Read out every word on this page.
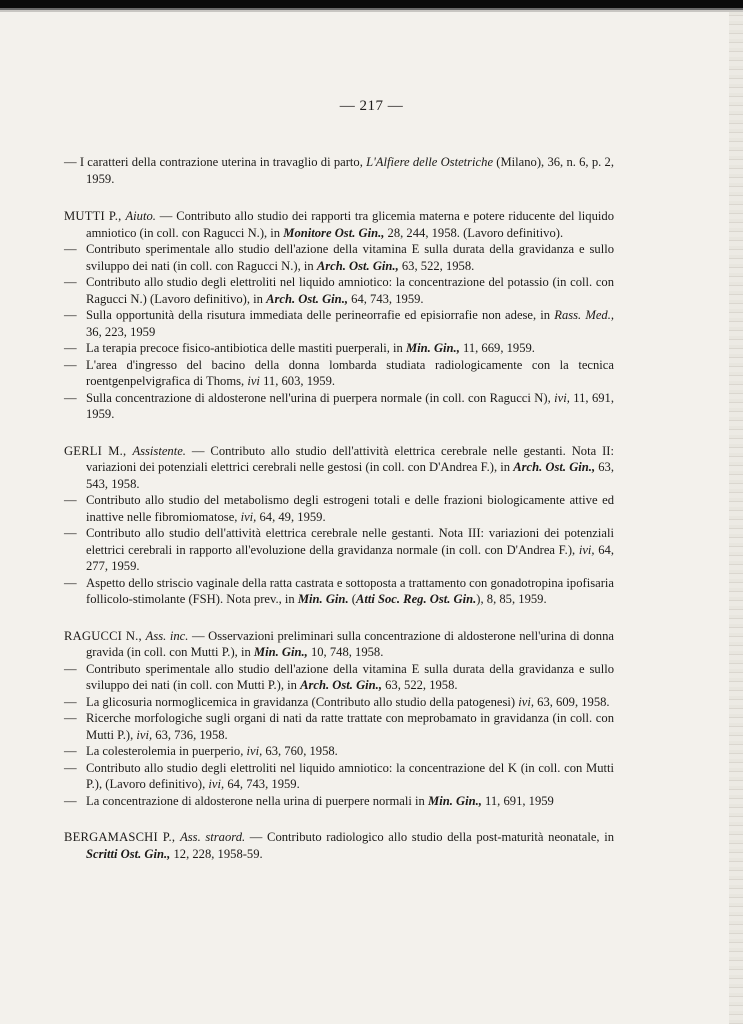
— 217 —
— I caratteri della contrazione uterina in travaglio di parto, L'Alfiere delle Ostetriche (Milano), 36, n. 6, p. 2, 1959.
MUTTI P., Aiuto. — Contributo allo studio dei rapporti tra glicemia materna e potere riducente del liquido amniotico (in coll. con Ragucci N.), in Monitore Ost. Gin., 28, 244, 1958. (Lavoro definitivo).
— Contributo sperimentale allo studio dell'azione della vitamina E sulla durata della gravidanza e sullo sviluppo dei nati (in coll. con Ragucci N.), in Arch. Ost. Gin., 63, 522, 1958.
— Contributo allo studio degli elettroliti nel liquido amniotico: la concentrazione del potassio (in coll. con Ragucci N.) (Lavoro definitivo), in Arch. Ost. Gin., 64, 743, 1959.
— Sulla opportunità della risutura immediata delle perineorrafie ed episiorrafie non adese, in Rass. Med., 36, 223, 1959
— La terapia precoce fisico-antibiotica delle mastiti puerperali, in Min. Gin., 11, 669, 1959.
— L'area d'ingresso del bacino della donna lombarda studiata radiologicamente con la tecnica roentgenpelvigrafica di Thoms, ivi 11, 603, 1959.
— Sulla concentrazione di aldosterone nell'urina di puerpera normale (in coll. con Ragucci N), ivi, 11, 691, 1959.
GERLI M., Assistente. — Contributo allo studio dell'attività elettrica cerebrale nelle gestanti. Nota II: variazioni dei potenziali elettrici cerebrali nelle gestosi (in coll. con D'Andrea F.), in Arch. Ost. Gin., 63, 543, 1958.
— Contributo allo studio del metabolismo degli estrogeni totali e delle frazioni biologicamente attive ed inattive nelle fibromiomatose, ivi, 64, 49, 1959.
— Contributo allo studio dell'attività elettrica cerebrale nelle gestanti. Nota III: variazioni dei potenziali elettrici cerebrali in rapporto all'evoluzione della gravidanza normale (in coll. con D'Andrea F.), ivi, 64, 277, 1959.
— Aspetto dello striscio vaginale della ratta castrata e sottoposta a trattamento con gonadotropina ipofisaria follicolo-stimolante (FSH). Nota prev., in Min. Gin. (Atti Soc. Reg. Ost. Gin.), 8, 85, 1959.
RAGUCCI N., Ass. inc. — Osservazioni preliminari sulla concentrazione di aldosterone nell'urina di donna gravida (in coll. con Mutti P.), in Min. Gin., 10, 748, 1958.
— Contributo sperimentale allo studio dell'azione della vitamina E sulla durata della gravidanza e sullo sviluppo dei nati (in coll. con Mutti P.), in Arch. Ost. Gin., 63, 522, 1958.
— La glicosuria normoglicemica in gravidanza (Contributo allo studio della patogenesi) ivi, 63, 609, 1958.
— Ricerche morfologiche sugli organi di nati da ratte trattate con meprobamato in gravidanza (in coll. con Mutti P.), ivi, 63, 736, 1958.
— La colesterolemia in puerperio, ivi, 63, 760, 1958.
— Contributo allo studio degli elettroliti nel liquido amniotico: la concentrazione del K (in coll. con Mutti P.), (Lavoro definitivo), ivi, 64, 743, 1959.
— La concentrazione di aldosterone nella urina di puerpere normali in Min. Gin., 11, 691, 1959
BERGAMASCHI P., Ass. straord. — Contributo radiologico allo studio della post-maturità neonatale, in Scritti Ost. Gin., 12, 228, 1958-59.
